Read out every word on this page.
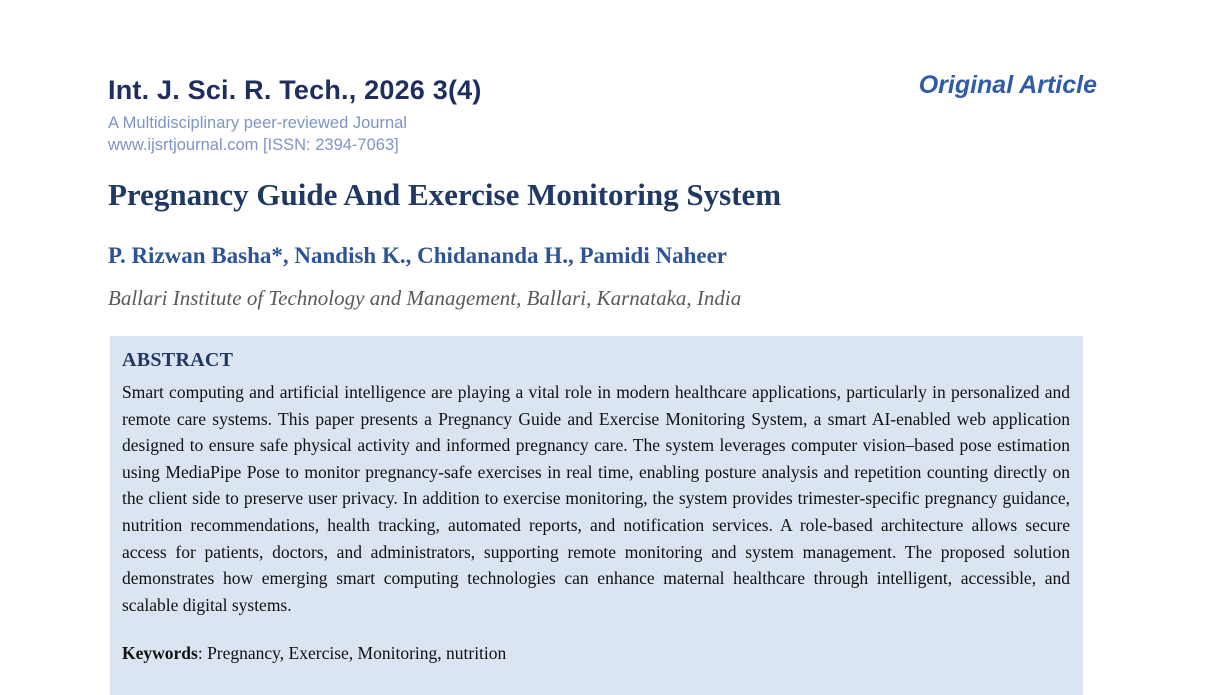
Int. J. Sci. R. Tech., 2026 3(4)
A Multidisciplinary peer-reviewed Journal
www.ijsrtjournal.com [ISSN: 2394-7063]
Original Article
Pregnancy Guide And Exercise Monitoring System
P. Rizwan Basha*, Nandish K., Chidananda H., Pamidi Naheer
Ballari Institute of Technology and Management, Ballari, Karnataka, India
ABSTRACT
Smart computing and artificial intelligence are playing a vital role in modern healthcare applications, particularly in personalized and remote care systems. This paper presents a Pregnancy Guide and Exercise Monitoring System, a smart AI-enabled web application designed to ensure safe physical activity and informed pregnancy care. The system leverages computer vision–based pose estimation using MediaPipe Pose to monitor pregnancy-safe exercises in real time, enabling posture analysis and repetition counting directly on the client side to preserve user privacy. In addition to exercise monitoring, the system provides trimester-specific pregnancy guidance, nutrition recommendations, health tracking, automated reports, and notification services. A role-based architecture allows secure access for patients, doctors, and administrators, supporting remote monitoring and system management. The proposed solution demonstrates how emerging smart computing technologies can enhance maternal healthcare through intelligent, accessible, and scalable digital systems.
Keywords: Pregnancy, Exercise, Monitoring, nutrition
